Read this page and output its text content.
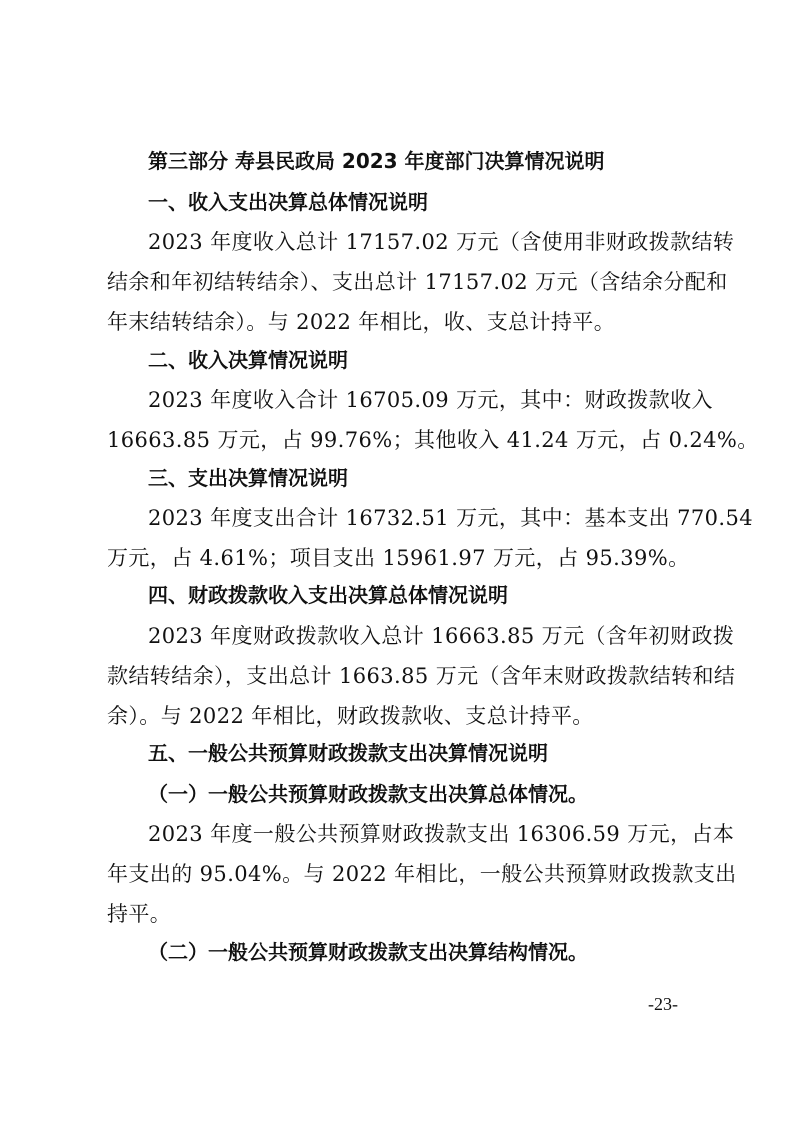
第三部分 寿县民政局 2023 年度部门决算情况说明
一、收入支出决算总体情况说明
2023 年度收入总计 17157.02 万元（含使用非财政拨款结转
结余和年初结转结余）、支出总计 17157.02 万元（含结余分配和
年末结转结余）。与 2022 年相比，收、支总计持平。
二、收入决算情况说明
2023 年度收入合计 16705.09 万元，其中：财政拨款收入
16663.85 万元，占 99.76%；其他收入 41.24 万元，占 0.24%。
三、支出决算情况说明
2023 年度支出合计 16732.51 万元，其中：基本支出 770.54
万元，占 4.61%；项目支出 15961.97 万元，占 95.39%。
四、财政拨款收入支出决算总体情况说明
2023 年度财政拨款收入总计 16663.85 万元（含年初财政拨
款结转结余），支出总计 1663.85 万元（含年末财政拨款结转和结
余）。与 2022 年相比，财政拨款收、支总计持平。
五、一般公共预算财政拨款支出决算情况说明
（一）一般公共预算财政拨款支出决算总体情况。
2023 年度一般公共预算财政拨款支出 16306.59 万元，占本
年支出的 95.04%。与 2022 年相比，一般公共预算财政拨款支出
持平。
（二）一般公共预算财政拨款支出决算结构情况。
-23-
